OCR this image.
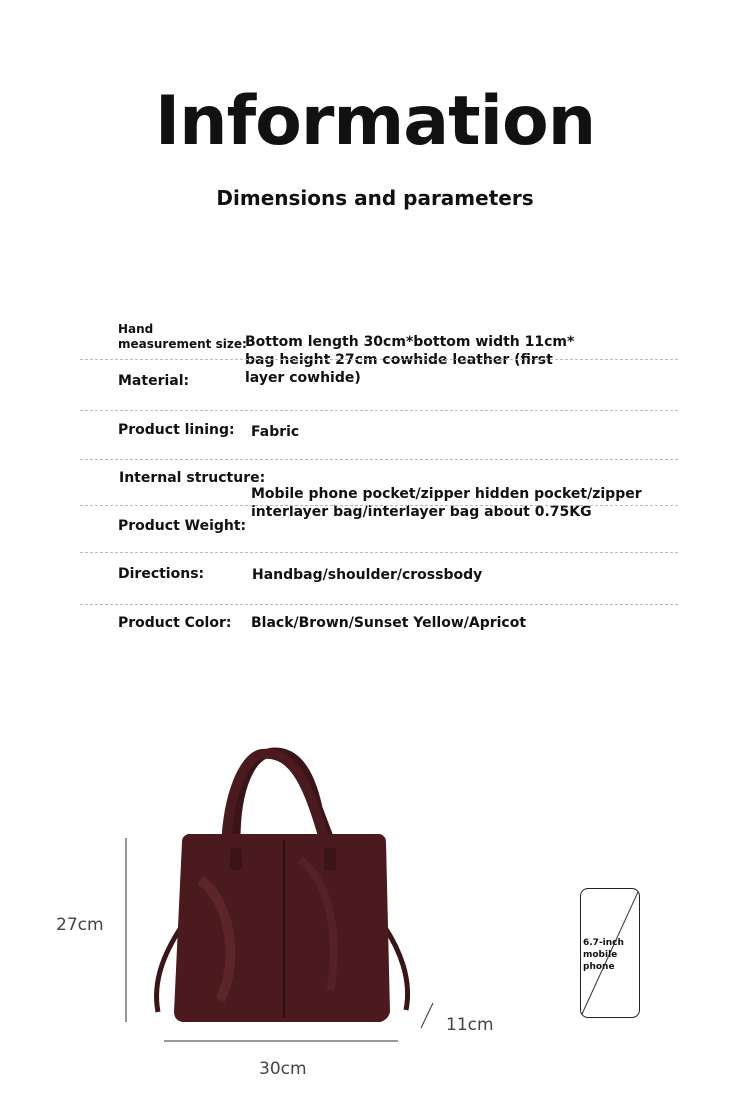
Information
Dimensions and parameters
Hand measurement size:
Bottom length 30cm*bottom width 11cm*
bag height 27cm cowhide leather (first
layer cowhide)
Material:
Product lining: Fabric
Internal structure:
Mobile phone pocket/zipper hidden pocket/zipper
interlayer bag/interlayer bag about 0.75KG
Product Weight:
Directions:	Handbag/shoulder/crossbody
Product Color: Black/Brown/Sunset Yellow/Apricot
27cm
30cm
11cm
6.7-inch
mobile
phone
